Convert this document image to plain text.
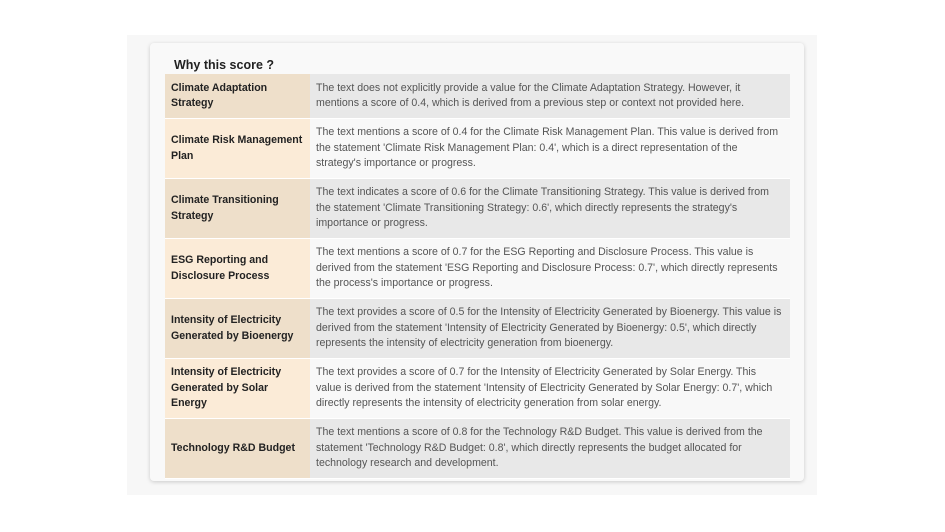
Why this score ?
Climate Adaptation Strategy	The text does not explicitly provide a value for the Climate Adaptation Strategy. However, it mentions a score of 0.4, which is derived from a previous step or context not provided here.
Climate Risk Management Plan	The text mentions a score of 0.4 for the Climate Risk Management Plan. This value is derived from the statement 'Climate Risk Management Plan: 0.4', which is a direct representation of the strategy's importance or progress.
Climate Transitioning Strategy	The text indicates a score of 0.6 for the Climate Transitioning Strategy. This value is derived from the statement 'Climate Transitioning Strategy: 0.6', which directly represents the strategy's importance or progress.
ESG Reporting and Disclosure Process	The text mentions a score of 0.7 for the ESG Reporting and Disclosure Process. This value is derived from the statement 'ESG Reporting and Disclosure Process: 0.7', which directly represents the process's importance or progress.
Intensity of Electricity Generated by Bioenergy	The text provides a score of 0.5 for the Intensity of Electricity Generated by Bioenergy. This value is derived from the statement 'Intensity of Electricity Generated by Bioenergy: 0.5', which directly represents the intensity of electricity generation from bioenergy.
Intensity of Electricity Generated by Solar Energy	The text provides a score of 0.7 for the Intensity of Electricity Generated by Solar Energy. This value is derived from the statement 'Intensity of Electricity Generated by Solar Energy: 0.7', which directly represents the intensity of electricity generation from solar energy.
Technology R&D Budget	The text mentions a score of 0.8 for the Technology R&D Budget. This value is derived from the statement 'Technology R&D Budget: 0.8', which directly represents the budget allocated for technology research and development.
